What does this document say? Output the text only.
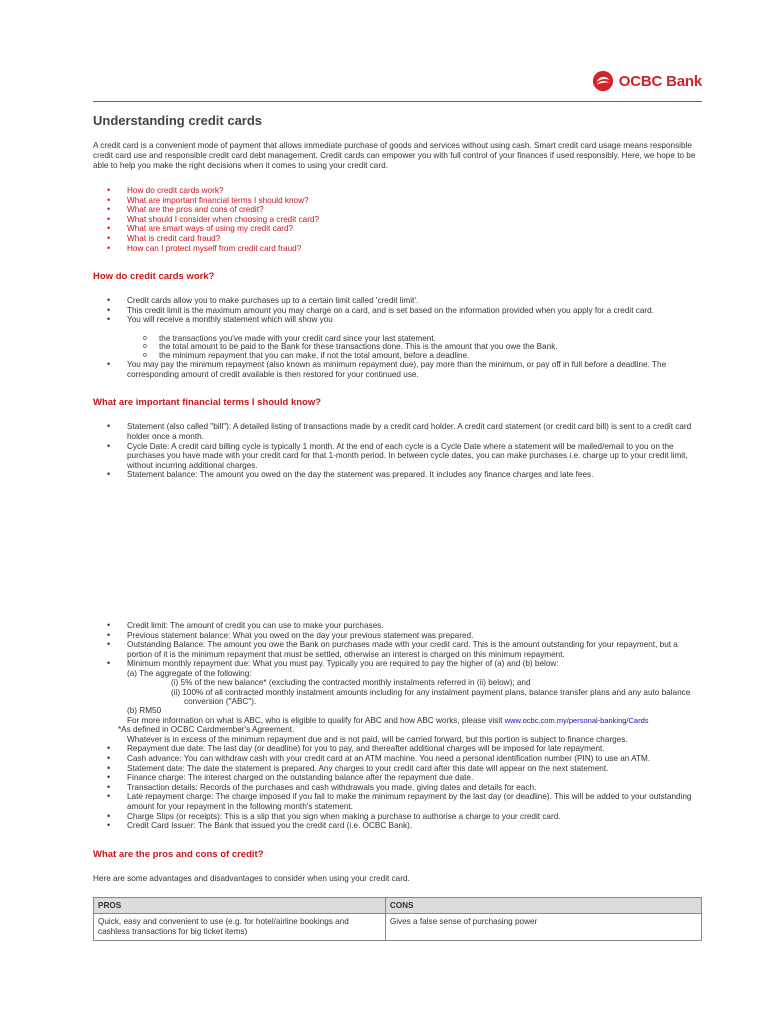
OCBC Bank
Understanding credit cards

A credit card is a convenient mode of payment that allows immediate purchase of goods and services without using cash. Smart credit card usage means responsible credit card use and responsible credit card debt management. Credit cards can empower you with full control of your finances if used responsibly. Here, we hope to be able to help you make the right decisions when it comes to using your credit card.

• How do credit cards work?
• What are important financial terms I should know?
• What are the pros and cons of credit?
• What should I consider when choosing a credit card?
• What are smart ways of using my credit card?
• What is credit card fraud?
• How can I protect myself from credit card fraud?
How do credit cards work?
• Credit cards allow you to make purchases up to a certain limit called 'credit limit'.
• This credit limit is the maximum amount you may charge on a card, and is set based on the information provided when you apply for a credit card.
• You will receive a monthly statement which will show you
o the transactions you've made with your credit card since your last statement.
o the total amount to be paid to the Bank for these transactions done. This is the amount that you owe the Bank.
o the minimum repayment that you can make, if not the total amount, before a deadline.
• You may pay the minimum repayment (also known as minimum repayment due), pay more than the minimum, or pay off in full before a deadline. The corresponding amount of credit available is then restored for your continued use.
What are important financial terms I should know?
• Statement (also called "bill"): A detailed listing of transactions made by a credit card holder. A credit card statement (or credit card bill) is sent to a credit card holder once a month.
• Cycle Date: A credit card billing cycle is typically 1 month. At the end of each cycle is a Cycle Date where a statement will be mailed/email to you on the purchases you have made with your credit card for that 1-month period. In between cycle dates, you can make purchases i.e. charge up to your credit limit, without incurring additional charges.
• Statement balance: The amount you owed on the day the statement was prepared. It includes any finance charges and late fees.
• Credit limit: The amount of credit you can use to make your purchases.
• Previous statement balance: What you owed on the day your previous statement was prepared.
• Outstanding Balance: The amount you owe the Bank on purchases made with your credit card. This is the amount outstanding for your repayment, but a portion of it is the minimum repayment that must be settled, otherwise an interest is charged on this minimum repayment.
• Minimum monthly repayment due: What you must pay. Typically you are required to pay the higher of (a) and (b) below:
(a) The aggregate of the following:
(i) 5% of the new balance* (excluding the contracted monthly instalments referred in (ii) below); and
(ii) 100% of all contracted monthly instalment amounts including for any instalment payment plans, balance transfer plans and any auto balance conversion ("ABC").
(b) RM50
For more information on what is ABC, who is eligible to qualify for ABC and how ABC works, please visit www.ocbc.com.my/personal-banking/Cards
*As defined in OCBC Cardmember's Agreement.
Whatever is in excess of the minimum repayment due and is not paid, will be carried forward, but this portion is subject to finance charges.
• Repayment due date: The last day (or deadline) for you to pay, and thereafter additional charges will be imposed for late repayment.
• Cash advance: You can withdraw cash with your credit card at an ATM machine. You need a personal identification number (PIN) to use an ATM.
• Statement date: The date the statement is prepared. Any charges to your credit card after this date will appear on the next statement.
• Finance charge: The interest charged on the outstanding balance after the repayment due date.
• Transaction details: Records of the purchases and cash withdrawals you made, giving dates and details for each.
• Late repayment charge: The charge imposed if you fail to make the minimum repayment by the last day (or deadline). This will be added to your outstanding amount for your repayment in the following month's statement.
• Charge Slips (or receipts): This is a slip that you sign when making a purchase to authorise a charge to your credit card.
• Credit Card Issuer: The Bank that issued you the credit card (i.e. OCBC Bank).
What are the pros and cons of credit?

Here are some advantages and disadvantages to consider when using your credit card.

PROS	CONS
Quick, easy and convenient to use (e.g. for hotel/airline bookings and cashless transactions for big ticket items)	Gives a false sense of purchasing power
